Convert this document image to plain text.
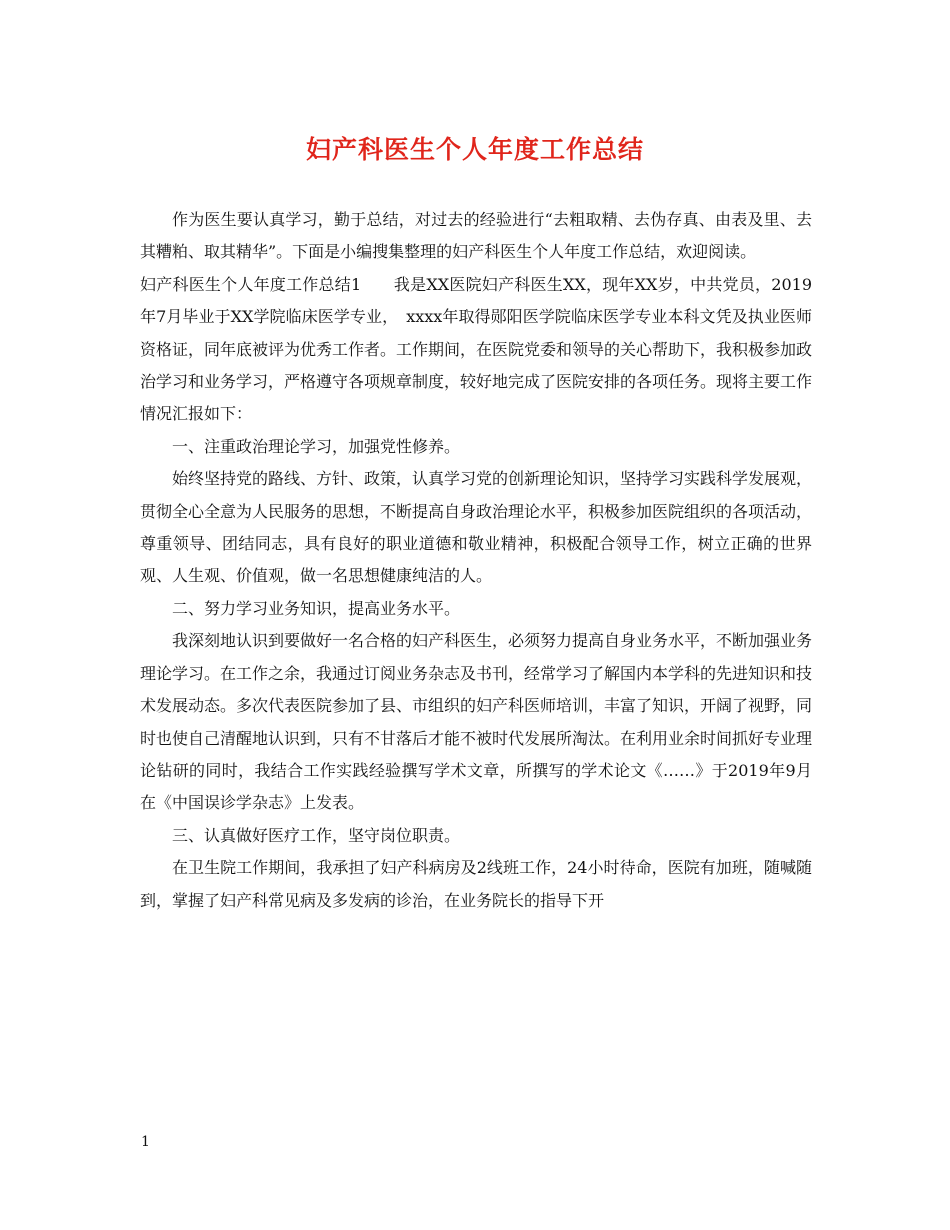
妇产科医生个人年度工作总结

作为医生要认真学习，勤于总结，对过去的经验进行“去粗取精、去伪存真、由表及里、去其糟粕、取其精华”。下面是小编搜集整理的妇产科医生个人年度工作总结，欢迎阅读。

妇产科医生个人年度工作总结1　　我是XX医院妇产科医生XX，现年XX岁，中共党员，2019年7月毕业于XX学院临床医学专业，　xxxx年取得郧阳医学院临床医学专业本科文凭及执业医师资格证，同年底被评为优秀工作者。工作期间，在医院党委和领导的关心帮助下，我积极参加政治学习和业务学习，严格遵守各项规章制度，较好地完成了医院安排的各项任务。现将主要工作情况汇报如下：

一、注重政治理论学习，加强党性修养。

始终坚持党的路线、方针、政策，认真学习党的创新理论知识，坚持学习实践科学发展观，贯彻全心全意为人民服务的思想，不断提高自身政治理论水平，积极参加医院组织的各项活动，尊重领导、团结同志，具有良好的职业道德和敬业精神，积极配合领导工作，树立正确的世界观、人生观、价值观，做一名思想健康纯洁的人。

二、努力学习业务知识，提高业务水平。

我深刻地认识到要做好一名合格的妇产科医生，必须努力提高自身业务水平，不断加强业务理论学习。在工作之余，我通过订阅业务杂志及书刊，经常学习了解国内本学科的先进知识和技术发展动态。多次代表医院参加了县、市组织的妇产科医师培训，丰富了知识，开阔了视野，同时也使自己清醒地认识到，只有不甘落后才能不被时代发展所淘汰。在利用业余时间抓好专业理论钻研的同时，我结合工作实践经验撰写学术文章，所撰写的学术论文《……》于2019年9月在《中国误诊学杂志》上发表。

三、认真做好医疗工作，坚守岗位职责。

在卫生院工作期间，我承担了妇产科病房及2线班工作，24小时待命，医院有加班，随喊随到，掌握了妇产科常见病及多发病的诊治，在业务院长的指导下开

1
